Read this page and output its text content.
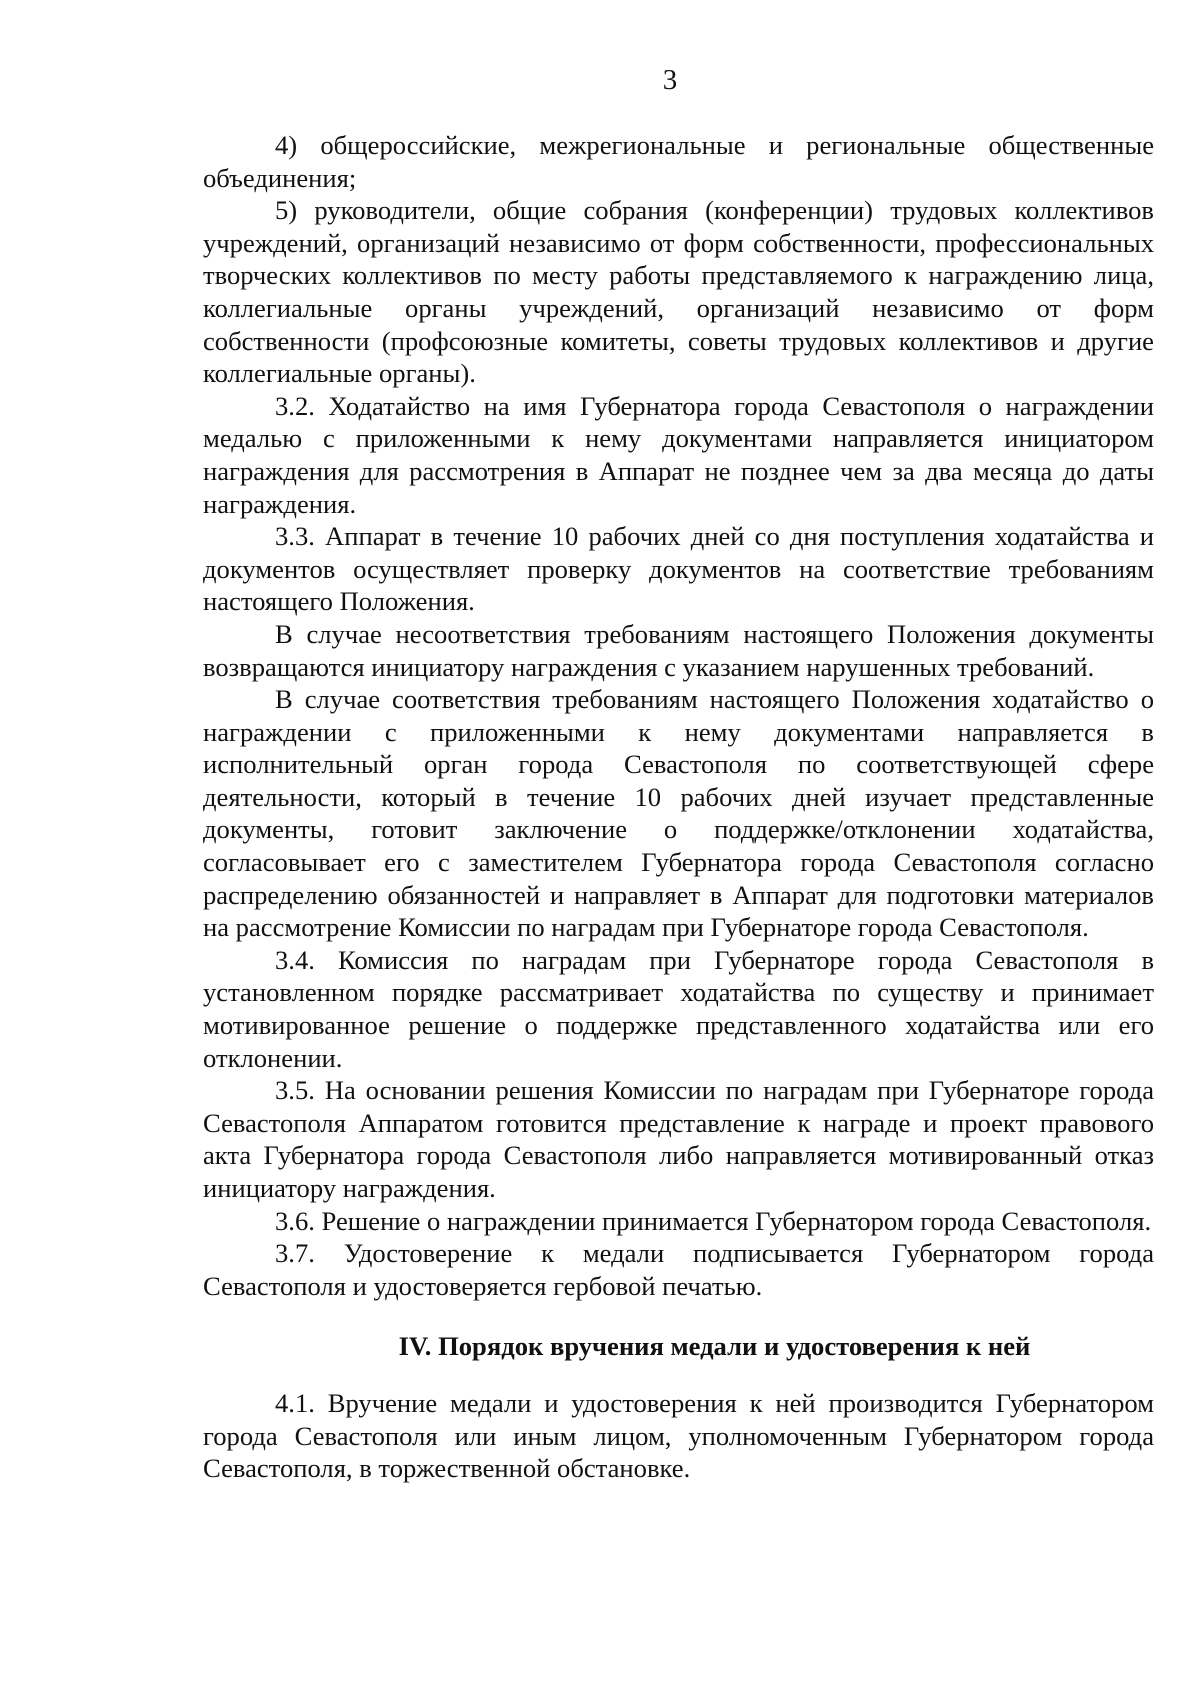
3

4) общероссийские, межрегиональные и региональные общественные объединения;

5) руководители, общие собрания (конференции) трудовых коллективов учреждений, организаций независимо от форм собственности, профессиональных творческих коллективов по месту работы представляемого к награждению лица, коллегиальные органы учреждений, организаций независимо от форм собственности (профсоюзные комитеты, советы трудовых коллективов и другие коллегиальные органы).

3.2. Ходатайство на имя Губернатора города Севастополя о награждении медалью с приложенными к нему документами направляется инициатором награждения для рассмотрения в Аппарат не позднее чем за два месяца до даты награждения.

3.3. Аппарат в течение 10 рабочих дней со дня поступления ходатайства и документов осуществляет проверку документов на соответствие требованиям настоящего Положения.

В случае несоответствия требованиям настоящего Положения документы возвращаются инициатору награждения с указанием нарушенных требований.

В случае соответствия требованиям настоящего Положения ходатайство о награждении с приложенными к нему документами направляется в исполнительный орган города Севастополя по соответствующей сфере деятельности, который в течение 10 рабочих дней изучает представленные документы, готовит заключение о поддержке/отклонении ходатайства, согласовывает его с заместителем Губернатора города Севастополя согласно распределению обязанностей и направляет в Аппарат для подготовки материалов на рассмотрение Комиссии по наградам при Губернаторе города Севастополя.

3.4. Комиссия по наградам при Губернаторе города Севастополя в установленном порядке рассматривает ходатайства по существу и принимает мотивированное решение о поддержке представленного ходатайства или его отклонении.

3.5. На основании решения Комиссии по наградам при Губернаторе города Севастополя Аппаратом готовится представление к награде и проект правового акта Губернатора города Севастополя либо направляется мотивированный отказ инициатору награждения.

3.6. Решение о награждении принимается Губернатором города Севастополя.

3.7. Удостоверение к медали подписывается Губернатором города Севастополя и удостоверяется гербовой печатью.

IV. Порядок вручения медали и удостоверения к ней

4.1. Вручение медали и удостоверения к ней производится Губернатором города Севастополя или иным лицом, уполномоченным Губернатором города Севастополя, в торжественной обстановке.
